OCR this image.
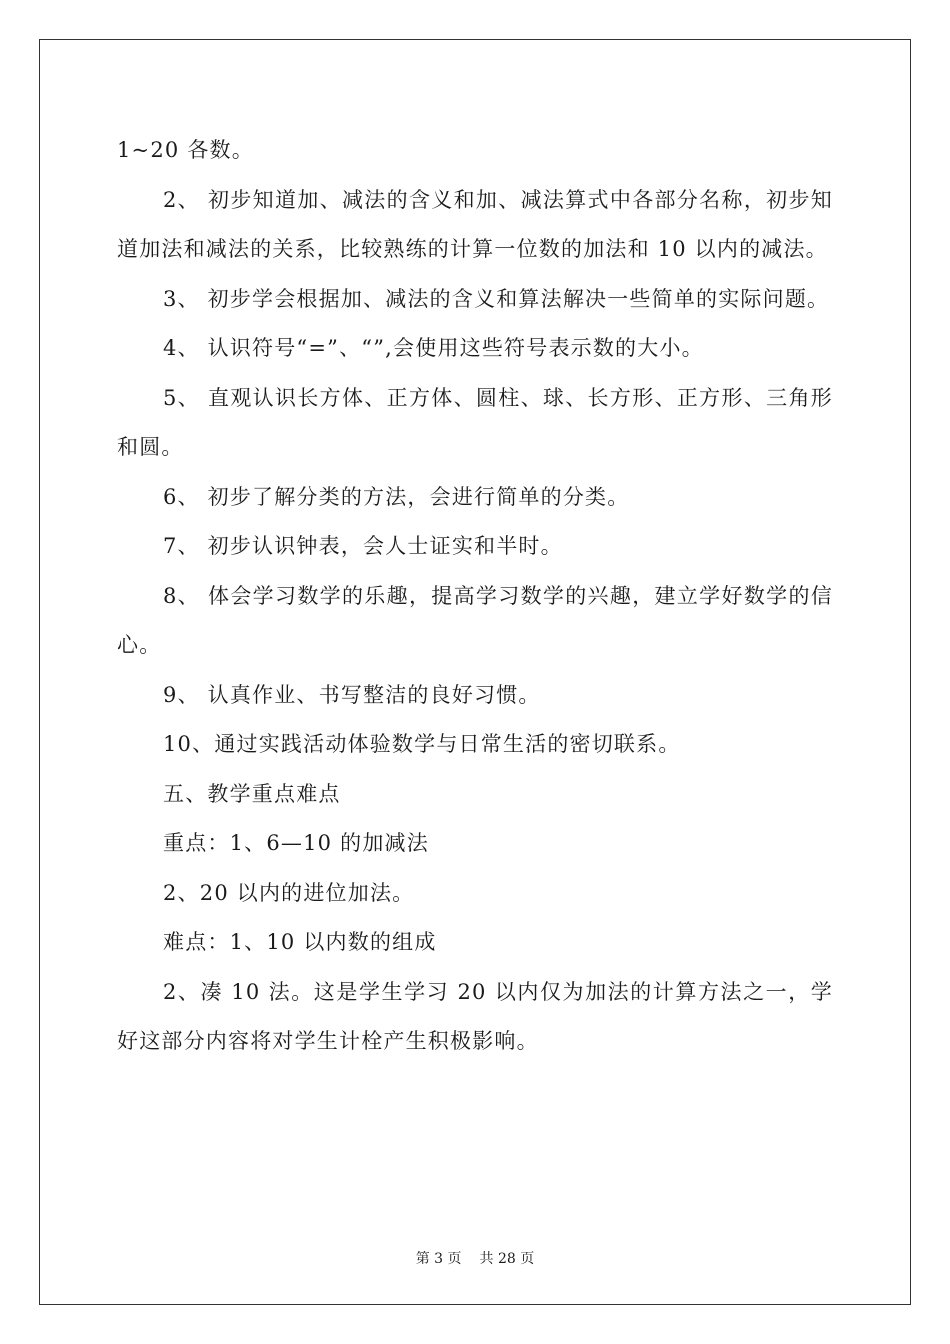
1~20 各数。

2、 初步知道加、减法的含义和加、减法算式中各部分名称，初步知道加法和减法的关系，比较熟练的计算一位数的加法和 10 以内的减法。

3、 初步学会根据加、减法的含义和算法解决一些简单的实际问题。

4、 认识符号“=”、“”,会使用这些符号表示数的大小。

5、 直观认识长方体、正方体、圆柱、球、长方形、正方形、三角形和圆。

6、 初步了解分类的方法，会进行简单的分类。

7、 初步认识钟表，会人士证实和半时。

8、 体会学习数学的乐趣，提高学习数学的兴趣，建立学好数学的信心。

9、 认真作业、书写整洁的良好习惯。

10、通过实践活动体验数学与日常生活的密切联系。

五、教学重点难点

重点：1、6—10 的加减法

2、20 以内的进位加法。

难点：1、10 以内数的组成

2、凑 10 法。这是学生学习 20 以内仅为加法的计算方法之一，学好这部分内容将对学生计栓产生积极影响。

第 3 页 共 28 页
